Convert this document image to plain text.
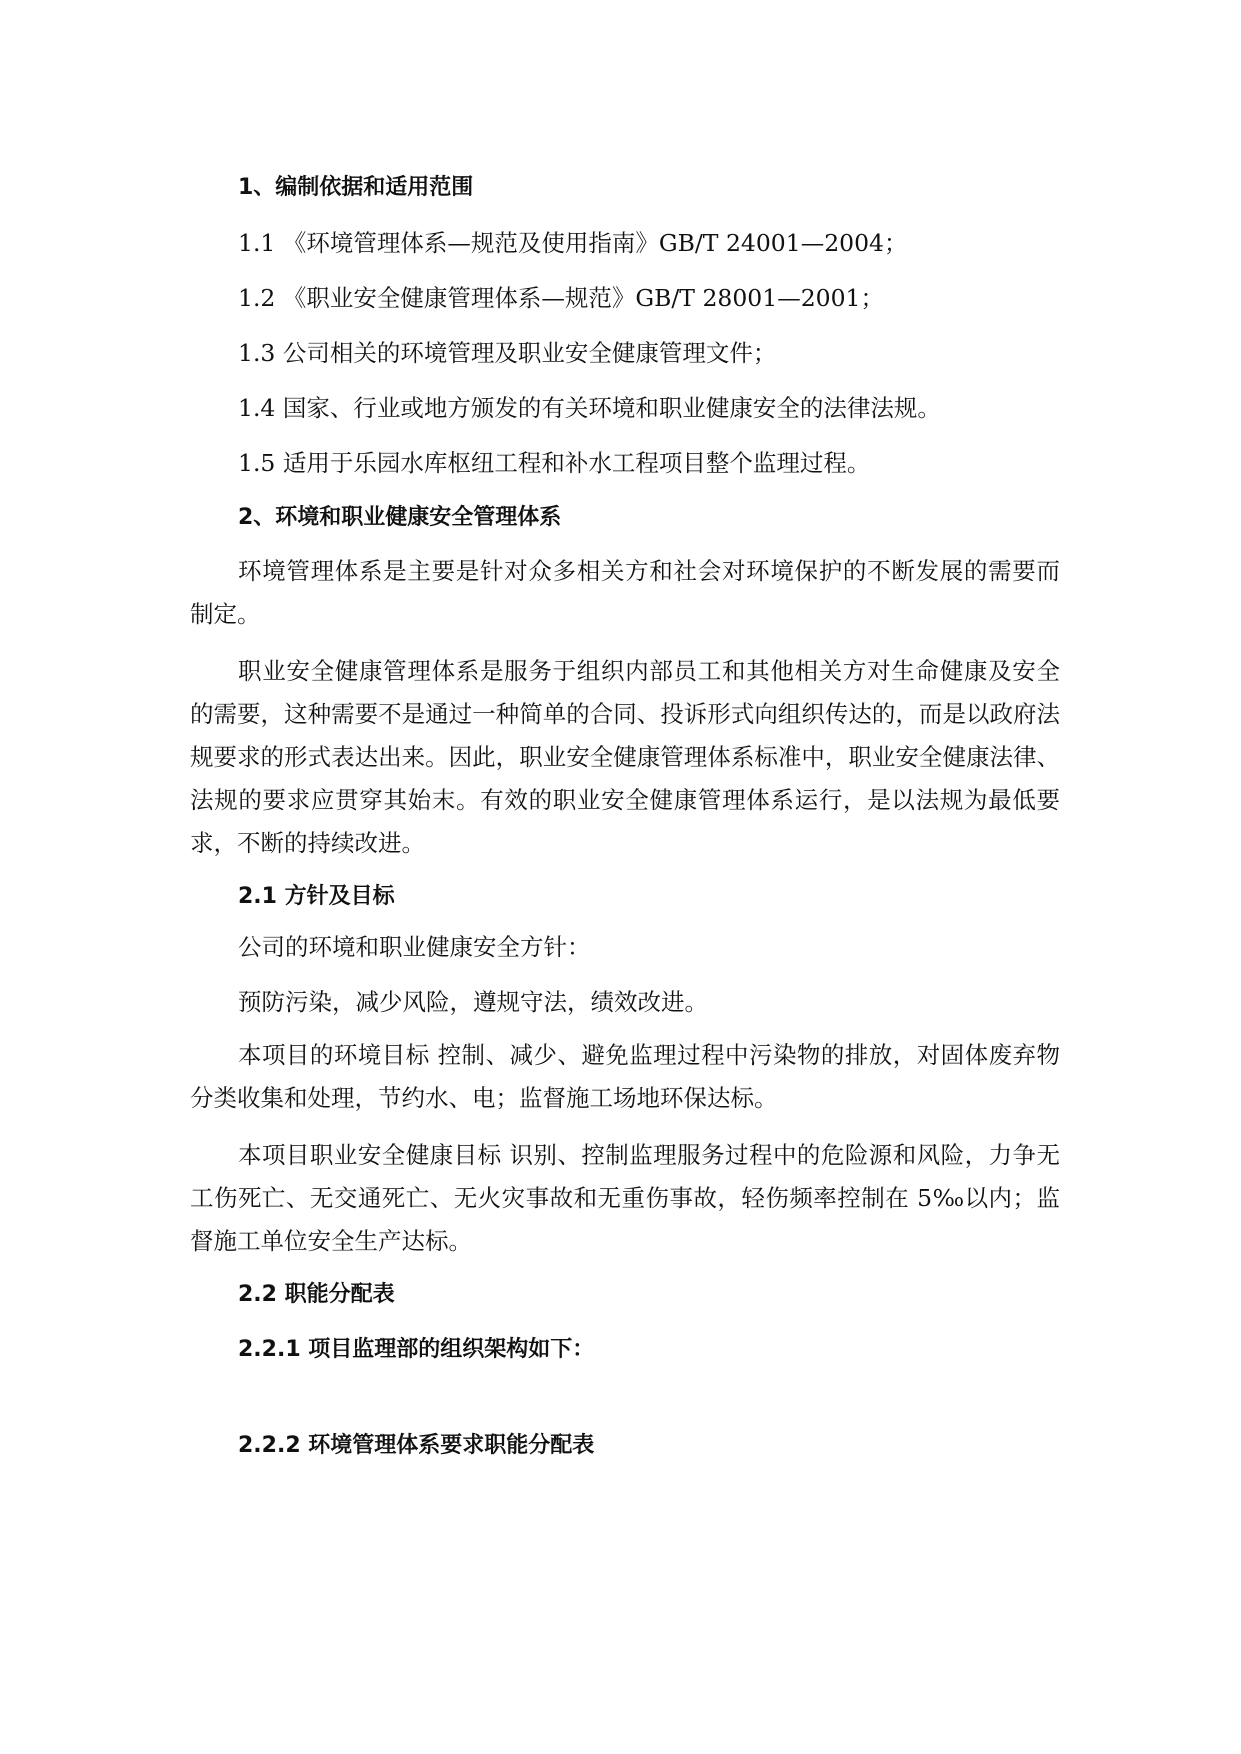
1、编制依据和适用范围

1.1 《环境管理体系—规范及使用指南》GB/T 24001—2004；

1.2 《职业安全健康管理体系—规范》GB/T 28001—2001；

1.3 公司相关的环境管理及职业安全健康管理文件；

1.4 国家、行业或地方颁发的有关环境和职业健康安全的法律法规。

1.5 适用于乐园水库枢纽工程和补水工程项目整个监理过程。

2、环境和职业健康安全管理体系

环境管理体系是主要是针对众多相关方和社会对环境保护的不断发展的需要而制定。

职业安全健康管理体系是服务于组织内部员工和其他相关方对生命健康及安全的需要，这种需要不是通过一种简单的合同、投诉形式向组织传达的，而是以政府法规要求的形式表达出来。因此，职业安全健康管理体系标准中，职业安全健康法律、法规的要求应贯穿其始末。有效的职业安全健康管理体系运行，是以法规为最低要求，不断的持续改进。

2.1 方针及目标

公司的环境和职业健康安全方针：

预防污染，减少风险，遵规守法，绩效改进。

本项目的环境目标 控制、减少、避免监理过程中污染物的排放，对固体废弃物分类收集和处理，节约水、电；监督施工场地环保达标。

本项目职业安全健康目标 识别、控制监理服务过程中的危险源和风险，力争无工伤死亡、无交通死亡、无火灾事故和无重伤事故，轻伤频率控制在 5‰以内；监督施工单位安全生产达标。

2.2 职能分配表

2.2.1 项目监理部的组织架构如下：

2.2.2 环境管理体系要求职能分配表
